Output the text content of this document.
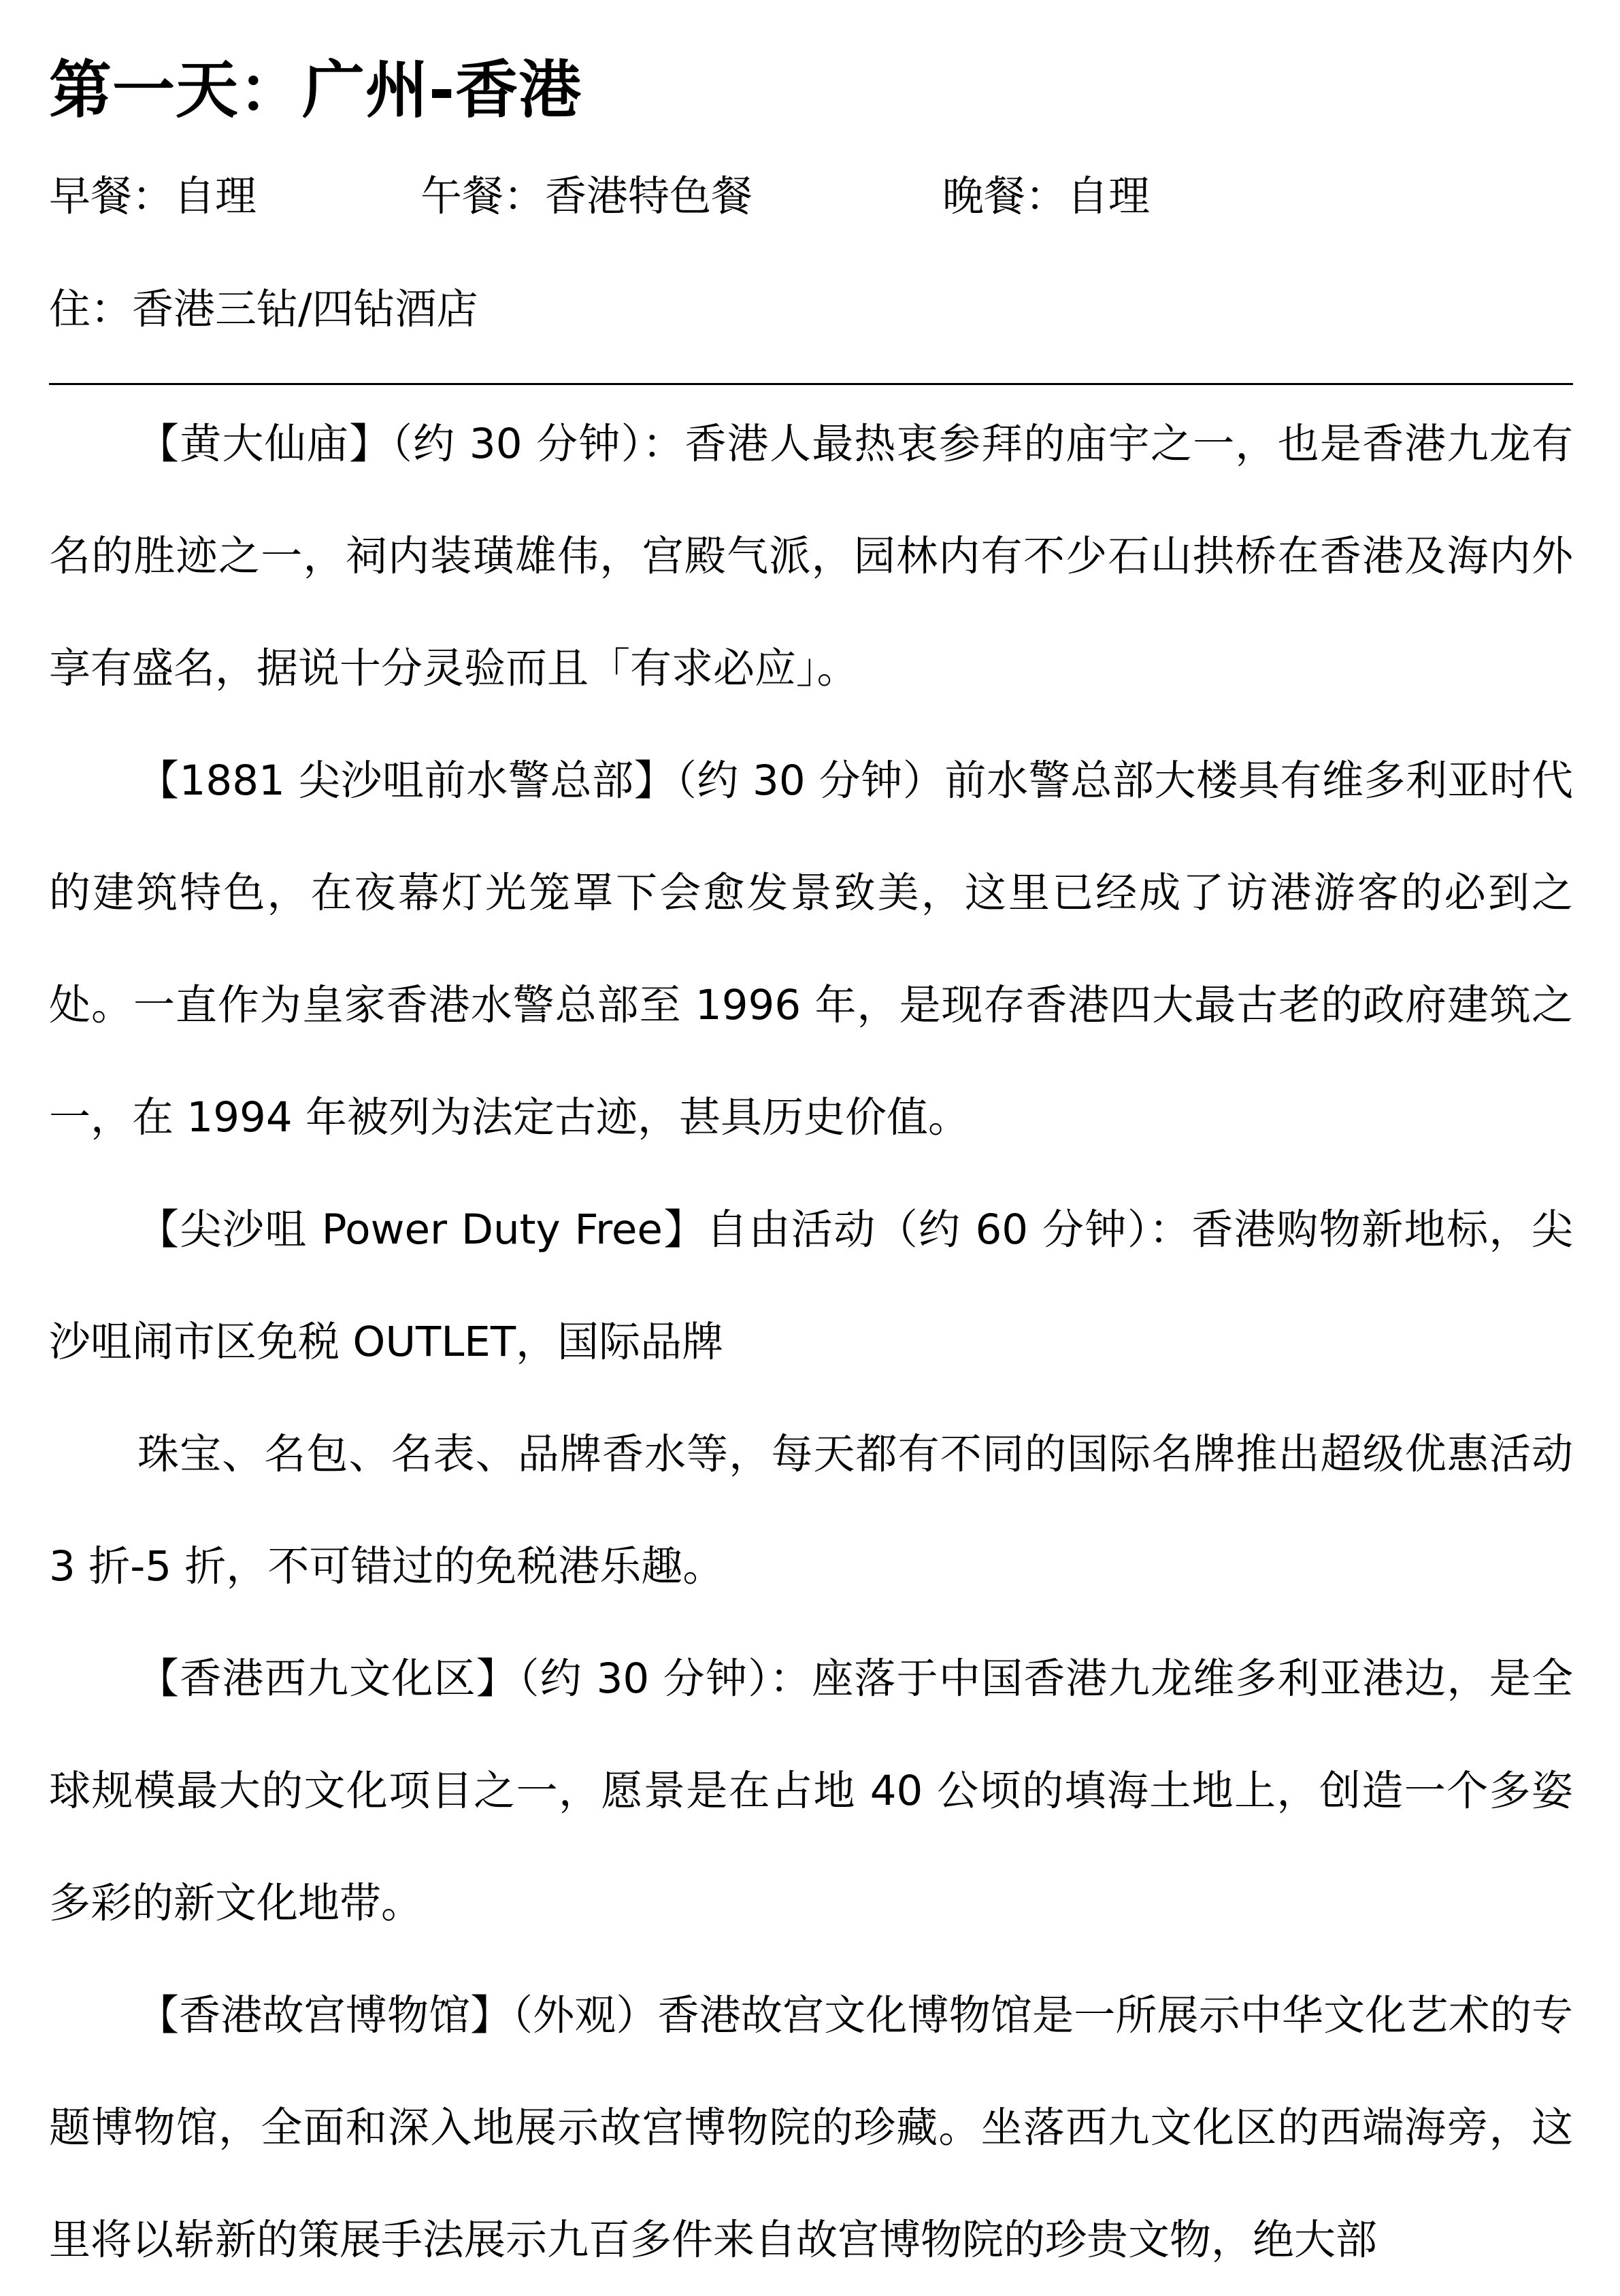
第一天：广州-香港
早餐：自理	午餐：香港特色餐	晚餐：自理
住：香港三钻/四钻酒店

【黄大仙庙】（约 30 分钟）：香港人最热衷参拜的庙宇之一，也是香港九龙有名的胜迹之一，祠内装璜雄伟，宫殿气派，园林内有不少石山拱桥在香港及海内外享有盛名，据说十分灵验而且「有求必应」。

【1881 尖沙咀前水警总部】（约 30 分钟）前水警总部大楼具有维多利亚时代的建筑特色，在夜幕灯光笼罩下会愈发景致美，这里已经成了访港游客的必到之处。一直作为皇家香港水警总部至 1996 年，是现存香港四大最古老的政府建筑之一，在 1994 年被列为法定古迹，甚具历史价值。

【尖沙咀 Power Duty Free】自由活动（约 60 分钟）：香港购物新地标，尖沙咀闹市区免税 OUTLET，国际品牌

珠宝、名包、名表、品牌香水等，每天都有不同的国际名牌推出超级优惠活动 3 折-5 折，不可错过的免税港乐趣。

【香港西九文化区】（约 30 分钟）：座落于中国香港九龙维多利亚港边，是全球规模最大的文化项目之一，愿景是在占地 40 公顷的填海土地上，创造一个多姿多彩的新文化地带。

【香港故宫博物馆】（外观）香港故宫文化博物馆是一所展示中华文化艺术的专题博物馆，全面和深入地展示故宫博物院的珍藏。坐落西九文化区的西端海旁，这里将以崭新的策展手法展示九百多件来自故宫博物院的珍贵文物，绝大部
